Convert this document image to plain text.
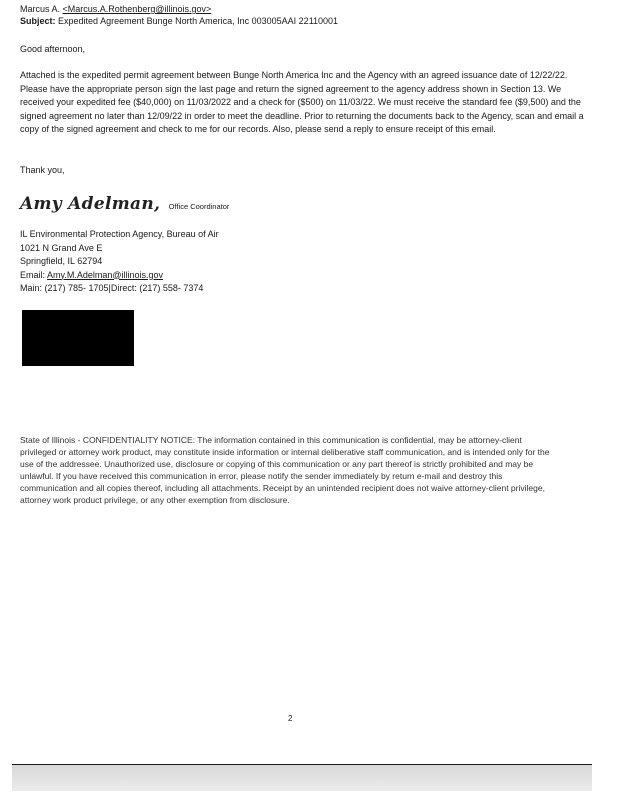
Marcus A. <Marcus.A.Rothenberg@illinois.gov>
Subject: Expedited Agreement Bunge North America, Inc 003005AAI 22110001
Good afternoon,
Attached is the expedited permit agreement between Bunge North America Inc and the Agency with an agreed issuance date of 12/22/22. Please have the appropriate person sign the last page and return the signed agreement to the agency address shown in Section 13. We received your expedited fee ($40,000) on 11/03/2022 and a check for ($500) on 11/03/22. We must receive the standard fee ($9,500) and the signed agreement no later than 12/09/22 in order to meet the deadline. Prior to returning the documents back to the Agency, scan and email a copy of the signed agreement and check to me for our records. Also, please send a reply to ensure receipt of this email.
Thank you,
Amy Adelman, Office Coordinator
IL Environmental Protection Agency, Bureau of Air
1021 N Grand Ave E
Springfield, IL 62794
Email: Amy.M.Adelman@illinois.gov
Main: (217) 785- 1705|Direct: (217) 558- 7374
State of Illinois - CONFIDENTIALITY NOTICE: The information contained in this communication is confidential, may be attorney-client privileged or attorney work product, may constitute inside information or internal deliberative staff communication, and is intended only for the use of the addressee. Unauthorized use, disclosure or copying of this communication or any part thereof is strictly prohibited and may be unlawful. If you have received this communication in error, please notify the sender immediately by return e-mail and destroy this communication and all copies thereof, including all attachments. Receipt by an unintended recipient does not waive attorney-client privilege, attorney work product privilege, or any other exemption from disclosure.
2
